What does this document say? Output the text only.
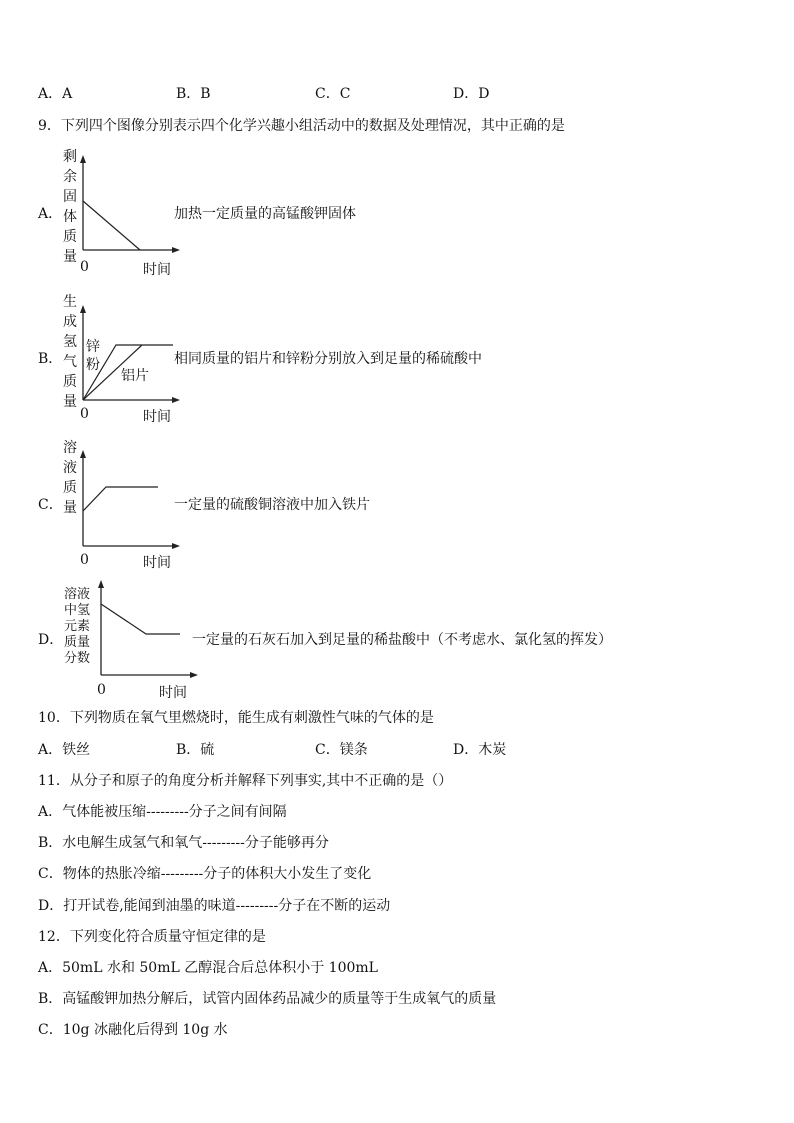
A．A	B．B	C．C	D．D
9．下列四个图像分别表示四个化学兴趣小组活动中的数据及处理情况，其中正确的是
A．
剩
余
固
体
质
量
0	时间
加热一定质量的高锰酸钾固体
B．
生
成
氢
气
质
量
锌
粉
铝片
0	时间
相同质量的铝片和锌粉分别放入到足量的稀硫酸中
C．
溶
液
质
量
0	时间
一定量的硫酸铜溶液中加入铁片
D．
溶液
中氢
元素
质量
分数
0	时间
一定量的石灰石加入到足量的稀盐酸中（不考虑水、氯化氢的挥发）
10．下列物质在氧气里燃烧时，能生成有刺激性气味的气体的是
A．铁丝	B．硫	C．镁条	D．木炭
11．从分子和原子的角度分析并解释下列事实,其中不正确的是（）
A．气体能被压缩---------分子之间有间隔
B．水电解生成氢气和氧气---------分子能够再分
C．物体的热胀冷缩---------分子的体积大小发生了变化
D．打开试卷,能闻到油墨的味道---------分子在不断的运动
12．下列变化符合质量守恒定律的是
A．50mL 水和 50mL 乙醇混合后总体积小于 100mL
B．高锰酸钾加热分解后，试管内固体药品减少的质量等于生成氧气的质量
C．10g 冰融化后得到 10g 水
